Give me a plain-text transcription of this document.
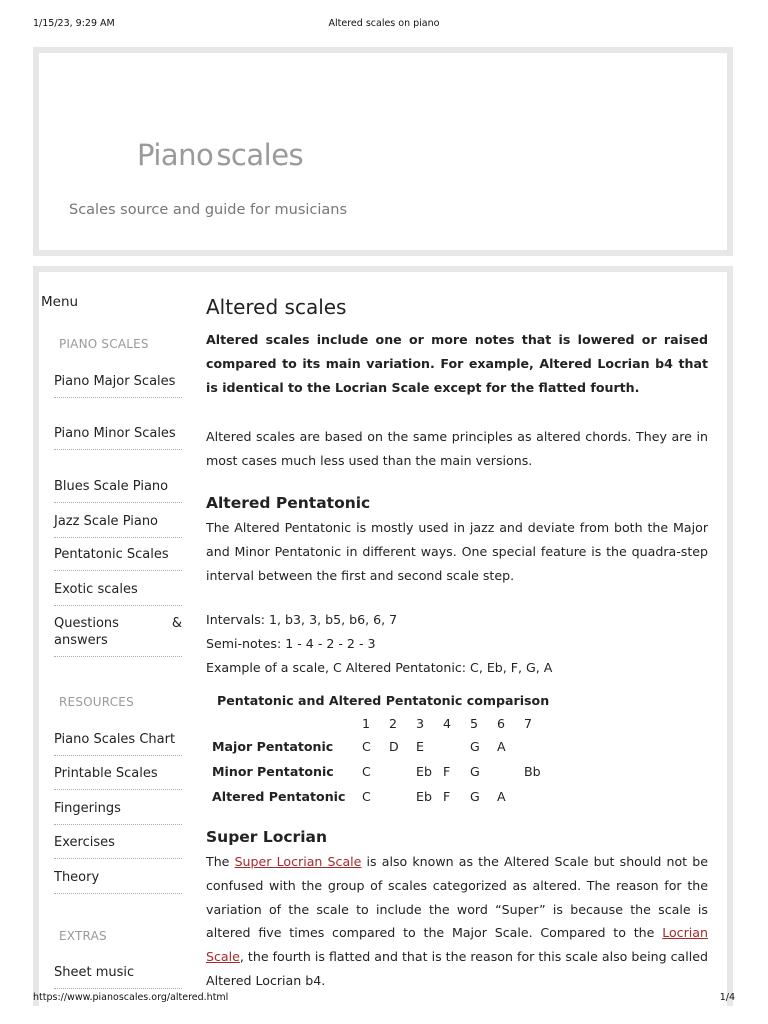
1/15/23, 9:29 AM	Altered scales on piano
Piano scales
Scales source and guide for musicians
Menu
PIANO SCALES
Piano Major Scales
Piano Minor Scales
Blues Scale Piano
Jazz Scale Piano
Pentatonic Scales
Exotic scales
Questions & answers
RESOURCES
Piano Scales Chart
Printable Scales
Fingerings
Exercises
Theory
EXTRAS
Sheet music
Altered scales
Altered scales include one or more notes that is lowered or raised compared to its main variation. For example, Altered Locrian b4 that is identical to the Locrian Scale except for the flatted fourth.
Altered scales are based on the same principles as altered chords. They are in most cases much less used than the main versions.
Altered Pentatonic
The Altered Pentatonic is mostly used in jazz and deviate from both the Major and Minor Pentatonic in different ways. One special feature is the quadra-step interval between the first and second scale step.
Intervals: 1, b3, 3, b5, b6, 6, 7
Semi-notes: 1 - 4 - 2 - 2 - 3
Example of a scale, C Altered Pentatonic: C, Eb, F, G, A
Pentatonic and Altered Pentatonic comparison
	1	2	3	4	5	6	7
Major Pentatonic	C	D	E		G	A	
Minor Pentatonic	C		Eb	F	G		Bb
Altered Pentatonic	C		Eb	F	G	A	
Super Locrian
The Super Locrian Scale is also known as the Altered Scale but should not be confused with the group of scales categorized as altered. The reason for the variation of the scale to include the word “Super” is because the scale is altered five times compared to the Major Scale. Compared to the Locrian Scale, the fourth is flatted and that is the reason for this scale also being called Altered Locrian b4.
https://www.pianoscales.org/altered.html	1/4
